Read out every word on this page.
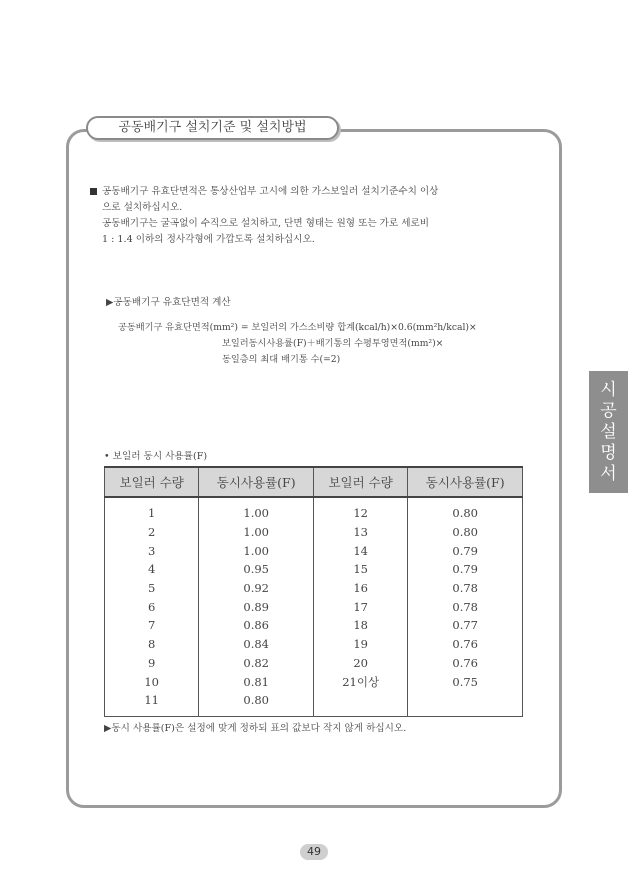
공동배기구 설치기준 및 설치방법
시
공
설
명
서

공동배기구 유효단면적은 통상산업부 고시에 의한 가스보일러 설치기준수치 이상

으로 설치하십시오.

공동배기구는 굴곡없이 수직으로 설치하고, 단면 형태는 원형 또는 가로 세로비

1 : 1.4 이하의 정사각형에 가깝도록 설치하십시오.

▶공동배기구 유효단면적 계산
공동배기구 유효단면적(mm²) = 보일러의 가스소비량 합계(kcal/h)×0.6(mm²h/kcal)×
보일러동시사용률(F)＋배기통의 수평투영면적(mm²)×
동일층의 최대 배기통 수(=2)
• 보일러 동시 사용률(F)
보일러 수량	동시사용률(F)	보일러 수량	동시사용률(F)
1	1.00	12	0.80
2	1.00	13	0.80
3	1.00	14	0.79
4	0.95	15	0.79
5	0.92	16	0.78
6	0.89	17	0.78
7	0.86	18	0.77
8	0.84	19	0.76
9	0.82	20	0.76
10	0.81	21이상	0.75
11	0.80		
▶동시 사용률(F)은 설정에 맞게 정하되 표의 값보다 작지 않게 하십시오.
49
